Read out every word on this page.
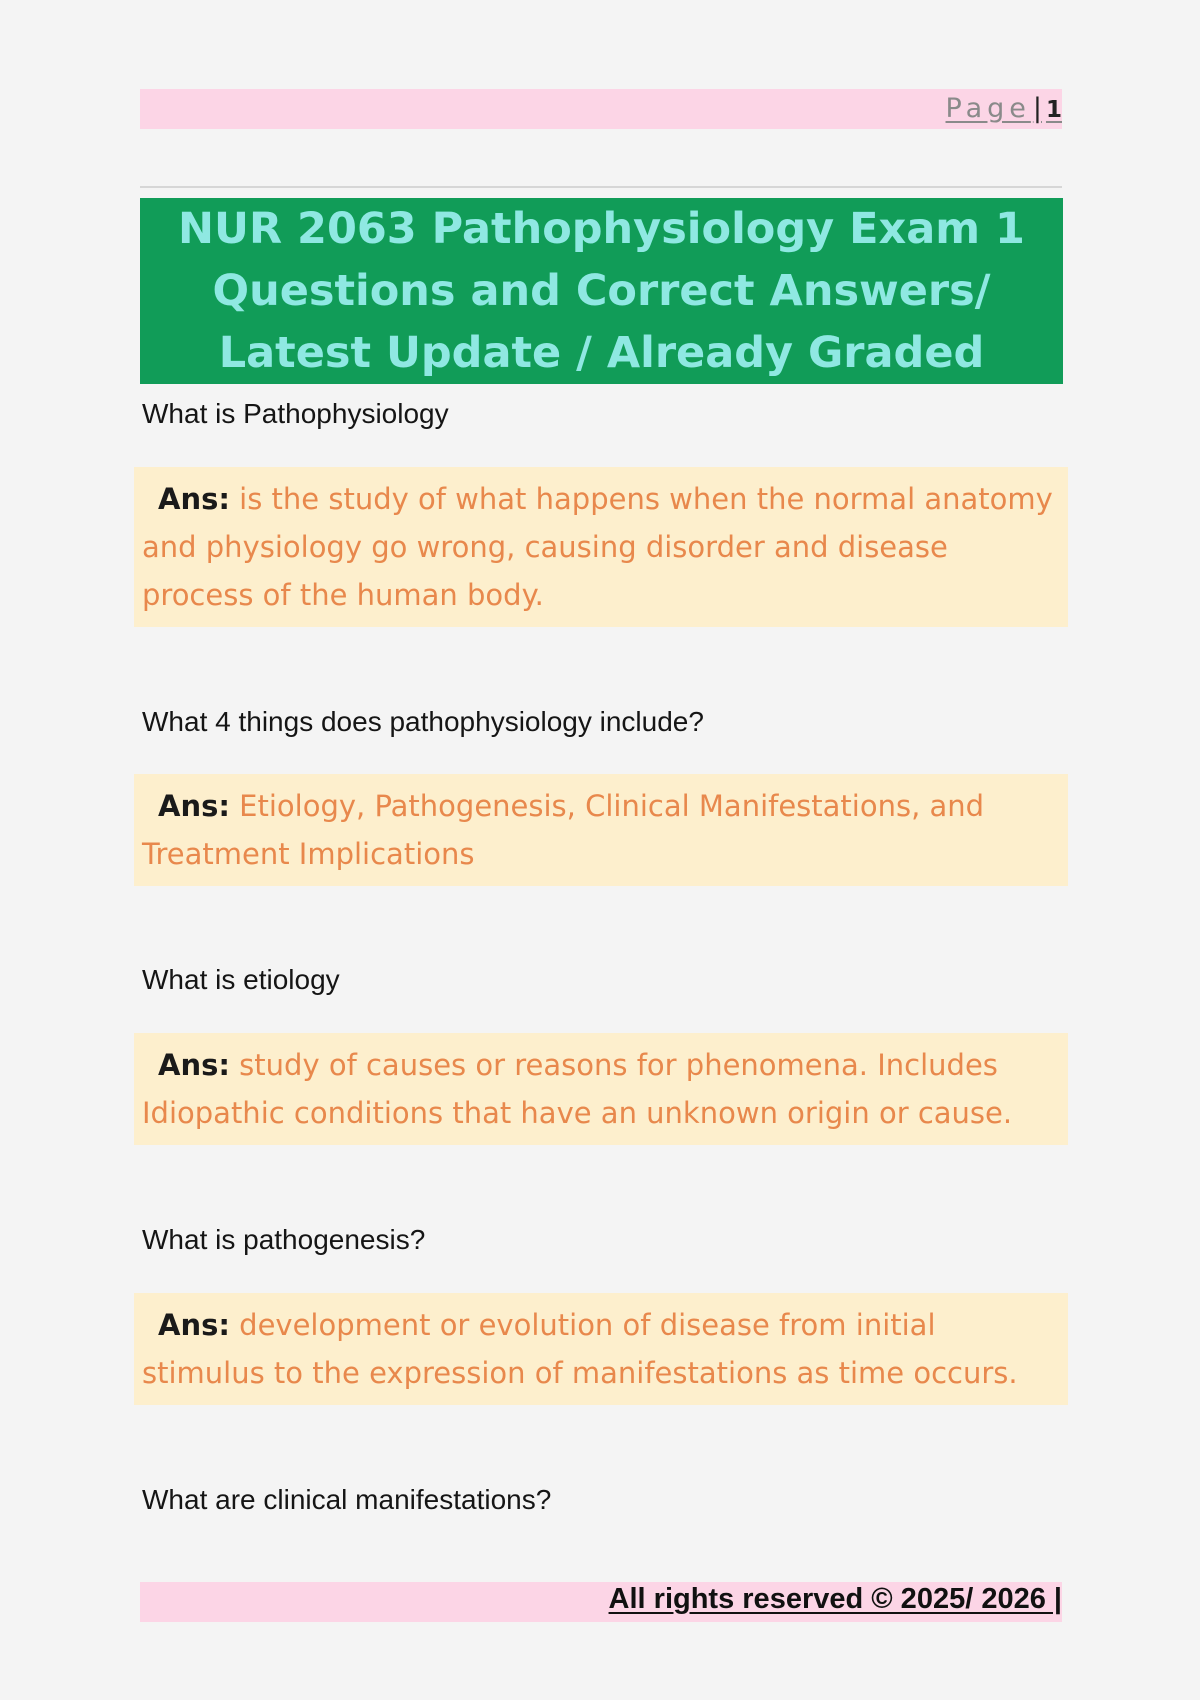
Page| 1
NUR 2063 Pathophysiology Exam 1 Questions and Correct Answers/ Latest Update / Already Graded
What is Pathophysiology
Ans: is the study of what happens when the normal anatomy and physiology go wrong, causing disorder and disease process of the human body.
What 4 things does pathophysiology include?
Ans: Etiology, Pathogenesis, Clinical Manifestations, and Treatment Implications
What is etiology
Ans: study of causes or reasons for phenomena. Includes Idiopathic conditions that have an unknown origin or cause.
What is pathogenesis?
Ans: development or evolution of disease from initial stimulus to the expression of manifestations as time occurs.
What are clinical manifestations?
All rights reserved © 2025/ 2026 |
